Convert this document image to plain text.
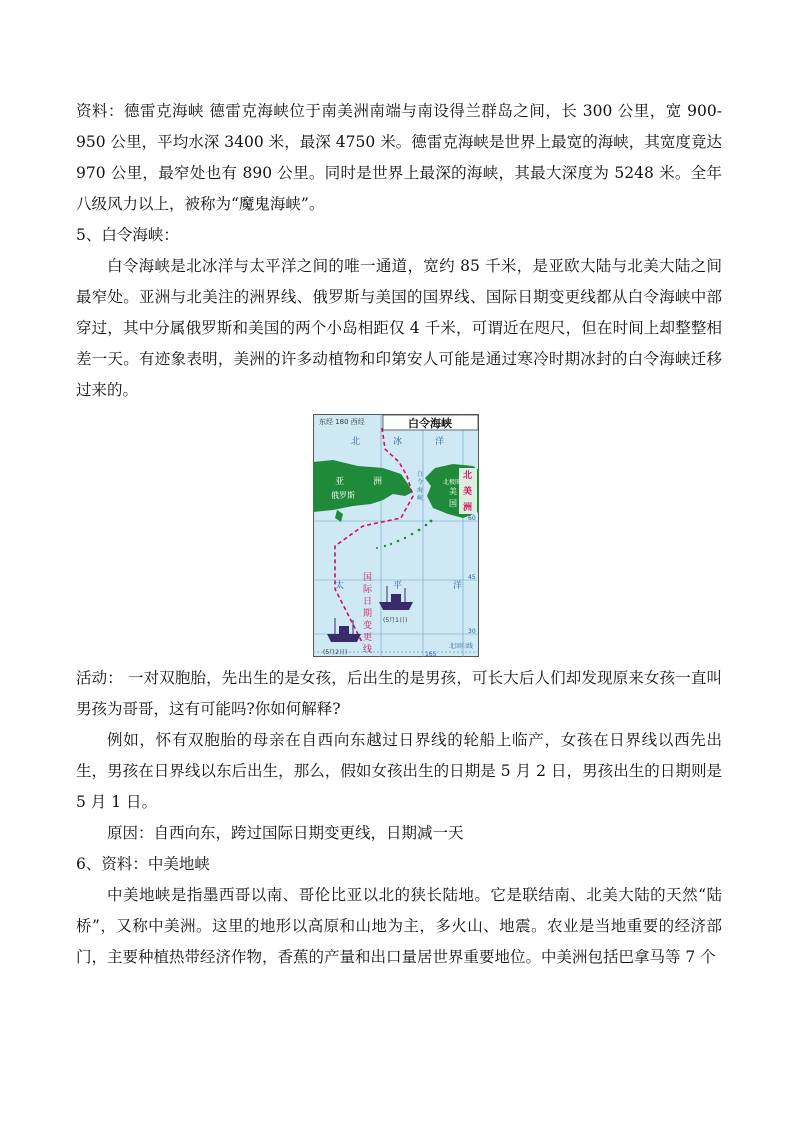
资料：德雷克海峡 德雷克海峡位于南美洲南端与南设得兰群岛之间，长 300 公里，宽 900-950 公里，平均水深 3400 米，最深 4750 米。德雷克海峡是世界上最宽的海峡，其宽度竟达 970 公里，最窄处也有 890 公里。同时是世界上最深的海峡，其最大深度为 5248 米。全年八级风力以上，被称为“魔鬼海峡”。

5、白令海峡：

白令海峡是北冰洋与太平洋之间的唯一通道，宽约 85 千米，是亚欧大陆与北美大陆之间最窄处。亚洲与北美注的洲界线、俄罗斯与美国的国界线、国际日期变更线都从白令海峡中部穿过，其中分属俄罗斯和美国的两个小岛相距仅 4 千米，可谓近在咫尺，但在时间上却整整相差一天。有迹象表明，美洲的许多动植物和印第安人可能是通过寒冷时期冰封的白令海峡迁移过来的。

白令海峡
东经 180 西经
北	冰	洋
亚	洲
俄罗斯
白
令
海
峡
北
美
洲
美
国
北极圈
太	平	洋
国
际
日
期
变
更
线
60
45
30
165
北回归线
(5月1日)
(5月2日)

活动： 一对双胞胎，先出生的是女孩，后出生的是男孩，可长大后人们却发现原来女孩一直叫男孩为哥哥，这有可能吗?你如何解释?

例如，怀有双胞胎的母亲在自西向东越过日界线的轮船上临产，女孩在日界线以西先出生，男孩在日界线以东后出生，那么，假如女孩出生的日期是 5 月 2 日，男孩出生的日期则是 5 月 1 日。

原因：自西向东，跨过国际日期变更线，日期减一天

6、资料：中美地峡

中美地峡是指墨西哥以南、哥伦比亚以北的狭长陆地。它是联结南、北美大陆的天然“陆桥”，又称中美洲。这里的地形以高原和山地为主，多火山、地震。农业是当地重要的经济部门，主要种植热带经济作物，香蕉的产量和出口量居世界重要地位。中美洲包括巴拿马等 7 个
